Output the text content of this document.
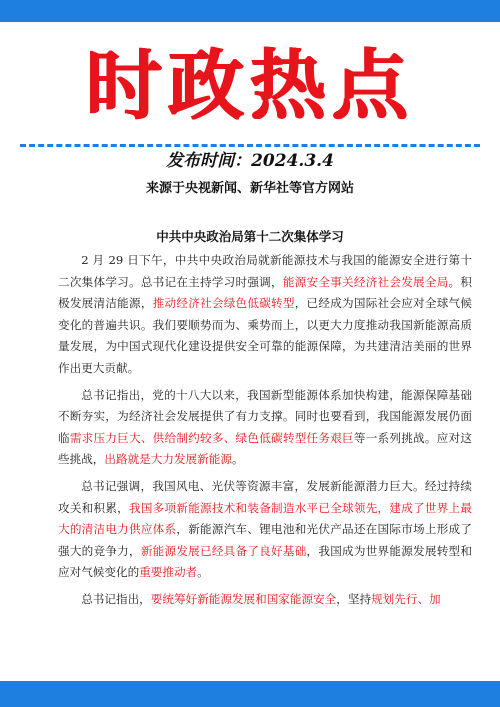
时政热点
发布时间：2024.3.4
来源于央视新闻、新华社等官方网站
中共中央政治局第十二次集体学习

2 月 29 日下午，中共中央政治局就新能源技术与我国的能源安全进行第十二次集体学习。总书记在主持学习时强调，能源安全事关经济社会发展全局。积极发展清洁能源，推动经济社会绿色低碳转型，已经成为国际社会应对全球气候变化的普遍共识。我们要顺势而为、乘势而上，以更大力度推动我国新能源高质量发展，为中国式现代化建设提供安全可靠的能源保障，为共建清洁美丽的世界作出更大贡献。

总书记指出，党的十八大以来，我国新型能源体系加快构建，能源保障基础不断夯实，为经济社会发展提供了有力支撑。同时也要看到，我国能源发展仍面临需求压力巨大、供给制约较多、绿色低碳转型任务艰巨等一系列挑战。应对这些挑战，出路就是大力发展新能源。

总书记强调，我国风电、光伏等资源丰富，发展新能源潜力巨大。经过持续攻关和积累，我国多项新能源技术和装备制造水平已全球领先，建成了世界上最大的清洁电力供应体系，新能源汽车、锂电池和光伏产品还在国际市场上形成了强大的竞争力，新能源发展已经具备了良好基础，我国成为世界能源发展转型和应对气候变化的重要推动者。

总书记指出，要统筹好新能源发展和国家能源安全，坚持规划先行、加
